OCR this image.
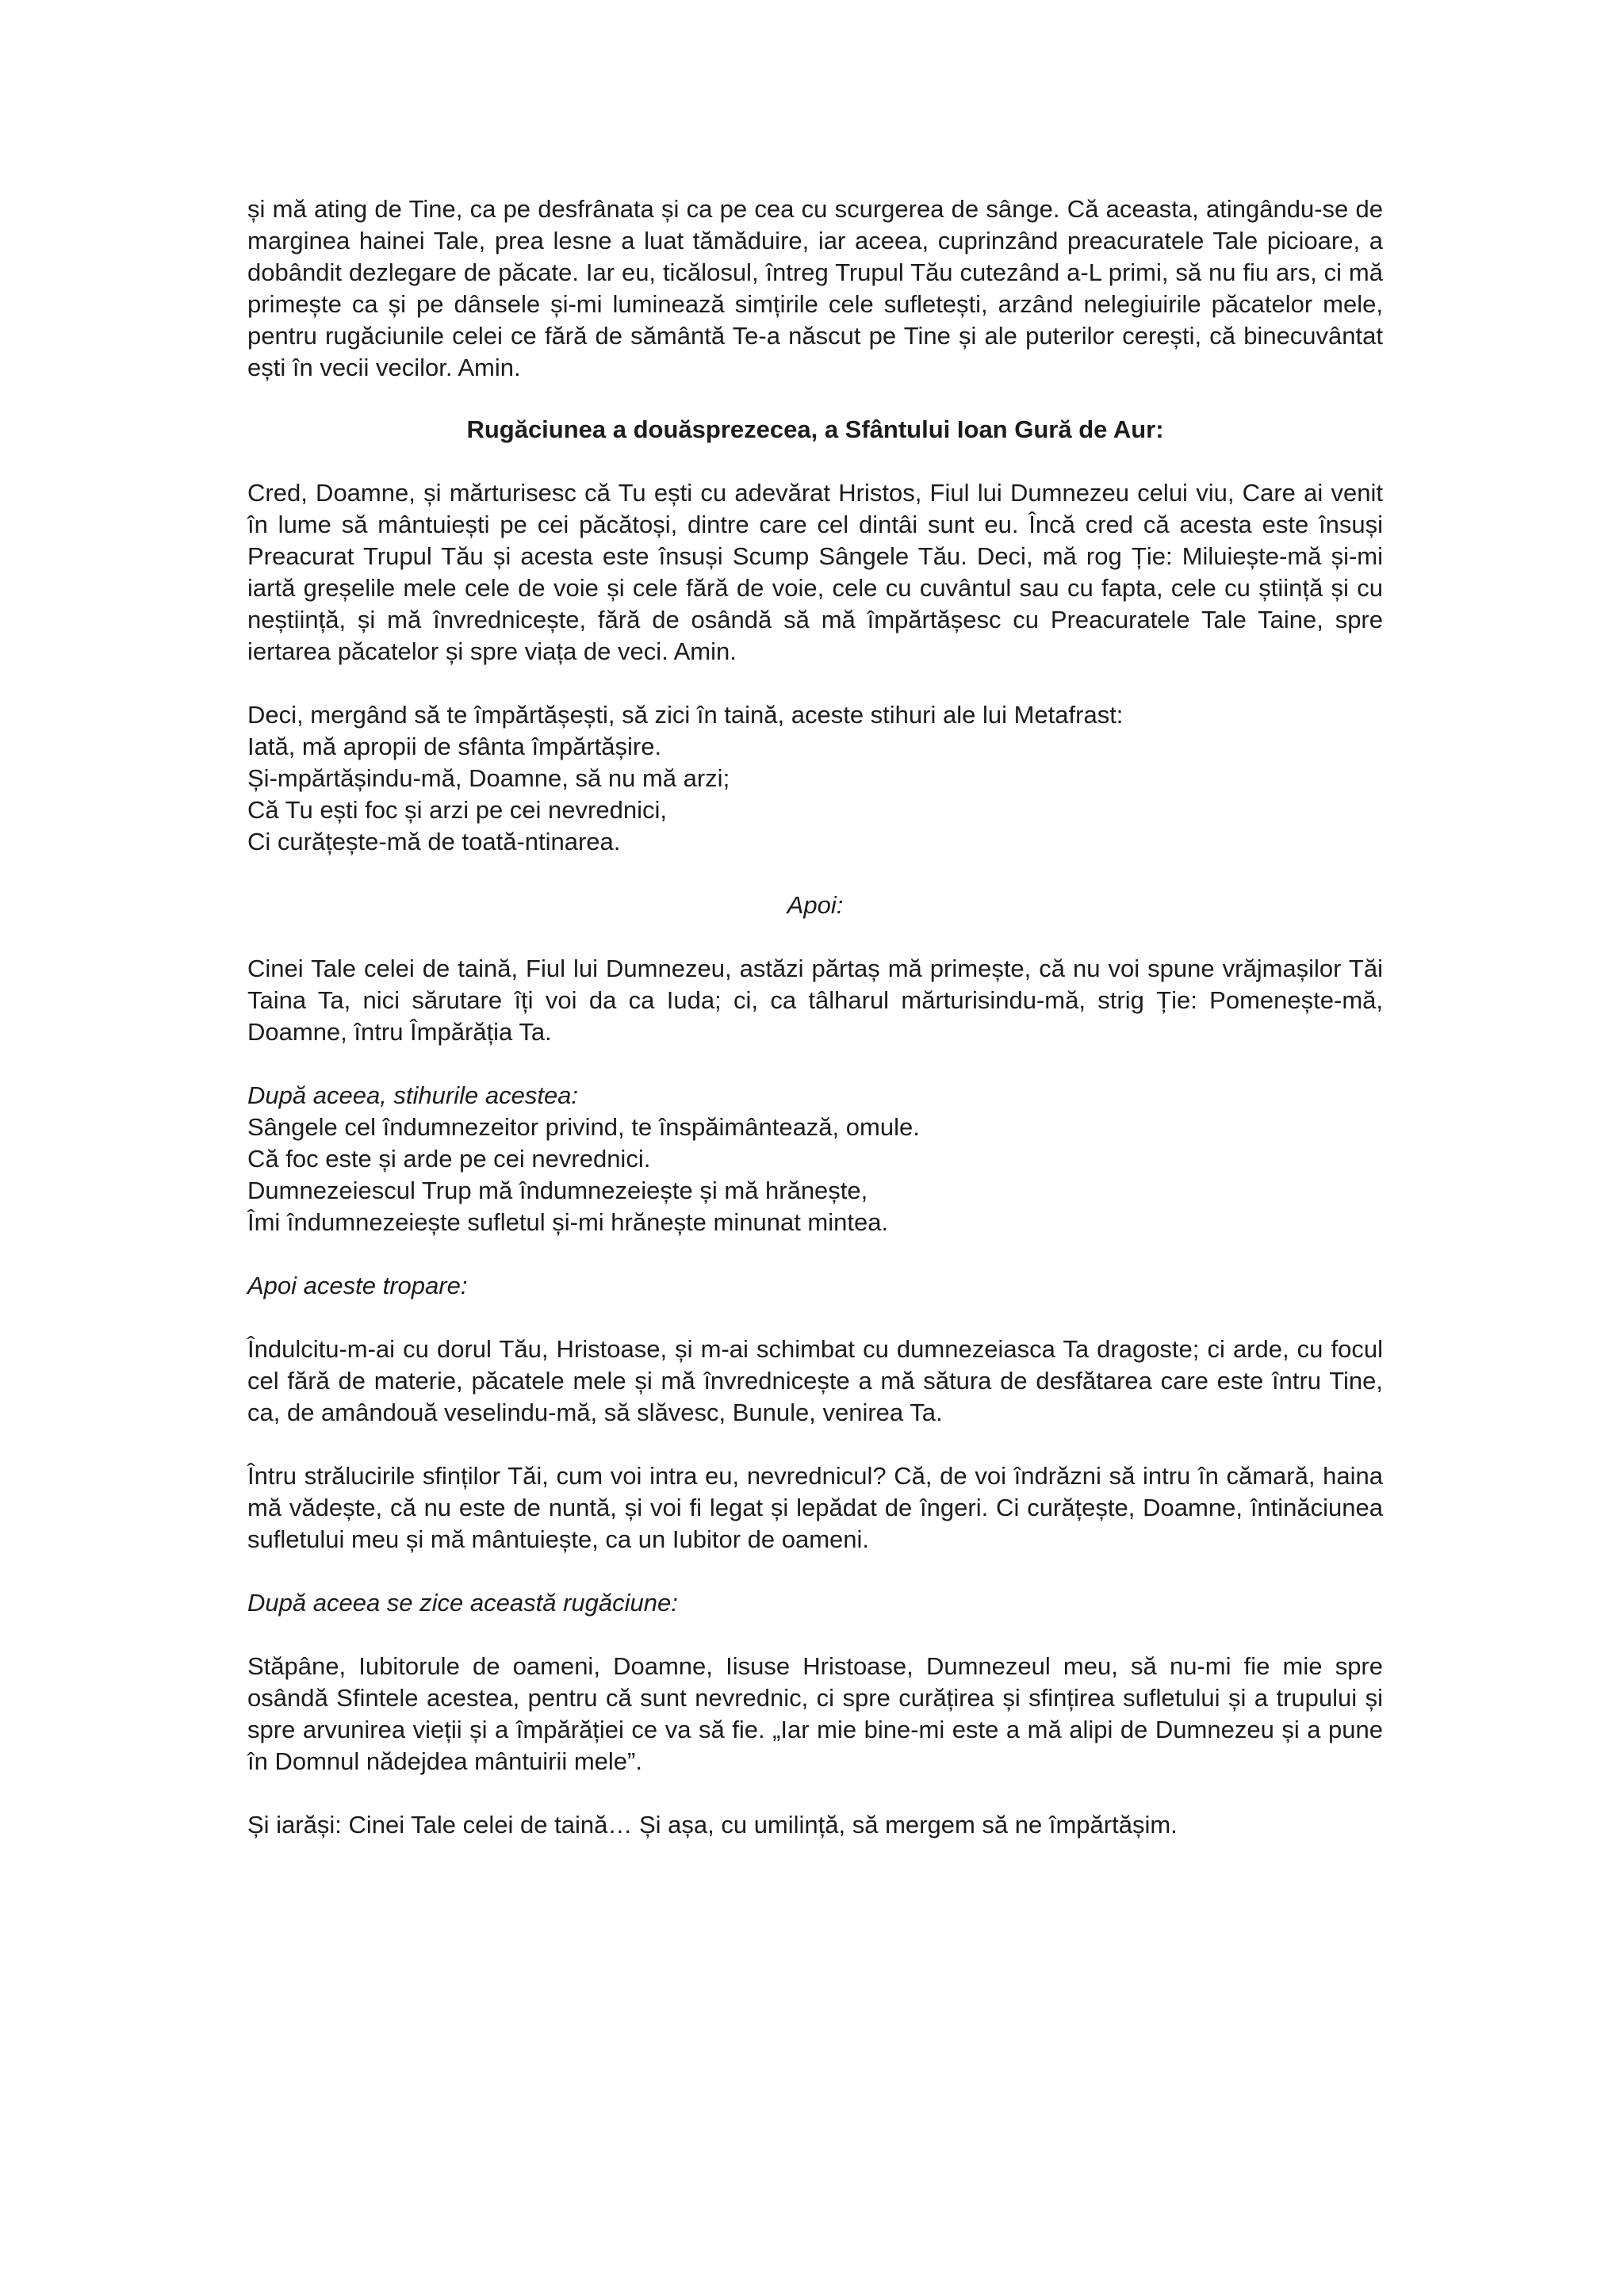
și mă ating de Tine, ca pe desfrânata și ca pe cea cu scurgerea de sânge. Că aceasta, atingându-se de marginea hainei Tale, prea lesne a luat tămăduire, iar aceea, cuprinzând preacuratele Tale picioare, a dobândit dezlegare de păcate. Iar eu, ticălosul, întreg Trupul Tău cutezând a-L primi, să nu fiu ars, ci mă primește ca și pe dânsele și-mi luminează simțirile cele sufletești, arzând nelegiuirile păcatelor mele, pentru rugăciunile celei ce fără de sământă Te-a născut pe Tine și ale puterilor cerești, că binecuvântat ești în vecii vecilor. Amin.

Rugăciunea a douăsprezecea, a Sfântului Ioan Gură de Aur:

Cred, Doamne, și mărturisesc că Tu ești cu adevărat Hristos, Fiul lui Dumnezeu celui viu, Care ai venit în lume să mântuiești pe cei păcătoși, dintre care cel dintâi sunt eu. Încă cred că acesta este însuși Preacurat Trupul Tău și acesta este însuși Scump Sângele Tău. Deci, mă rog Ție: Miluiește-mă și-mi iartă greșelile mele cele de voie și cele fără de voie, cele cu cuvântul sau cu fapta, cele cu știință și cu neștiință, și mă învrednicește, fără de osândă să mă împărtășesc cu Preacuratele Tale Taine, spre iertarea păcatelor și spre viața de veci. Amin.

Deci, mergând să te împărtășești, să zici în taină, aceste stihuri ale lui Metafrast:

Iată, mă apropii de sfânta împărtășire.
Și-mpărtășindu-mă, Doamne, să nu mă arzi;
Că Tu ești foc și arzi pe cei nevrednici,
Ci curățește-mă de toată-ntinarea.

Apoi:

Cinei Tale celei de taină, Fiul lui Dumnezeu, astăzi părtaș mă primește, că nu voi spune vrăjmașilor Tăi Taina Ta, nici sărutare îți voi da ca Iuda; ci, ca tâlharul mărturisindu-mă, strig Ție: Pomenește-mă, Doamne, întru Împărăția Ta.

După aceea, stihurile acestea:

Sângele cel îndumnezeitor privind, te înspăimântează, omule.
Că foc este și arde pe cei nevrednici.
Dumnezeiescul Trup mă îndumnezeiește și mă hrănește,
Îmi îndumnezeiește sufletul și-mi hrănește minunat mintea.

Apoi aceste tropare:

Îndulcitu-m-ai cu dorul Tău, Hristoase, și m-ai schimbat cu dumnezeiasca Ta dragoste; ci arde, cu focul cel fără de materie, păcatele mele și mă învrednicește a mă sătura de desfătarea care este întru Tine, ca, de amândouă veselindu-mă, să slăvesc, Bunule, venirea Ta.

Întru strălucirile sfinților Tăi, cum voi intra eu, nevrednicul? Că, de voi îndrăzni să intru în cămară, haina mă vădește, că nu este de nuntă, și voi fi legat și lepădat de îngeri. Ci curățește, Doamne, întinăciunea sufletului meu și mă mântuiește, ca un Iubitor de oameni.

După aceea se zice această rugăciune:

Stăpâne, Iubitorule de oameni, Doamne, Iisuse Hristoase, Dumnezeul meu, să nu-mi fie mie spre osândă Sfintele acestea, pentru că sunt nevrednic, ci spre curățirea și sfințirea sufletului și a trupului și spre arvunirea vieții și a împărăției ce va să fie. „Iar mie bine-mi este a mă alipi de Dumnezeu și a pune în Domnul nădejdea mântuirii mele”.

Și iarăși: Cinei Tale celei de taină… Și așa, cu umilință, să mergem să ne împărtășim.
